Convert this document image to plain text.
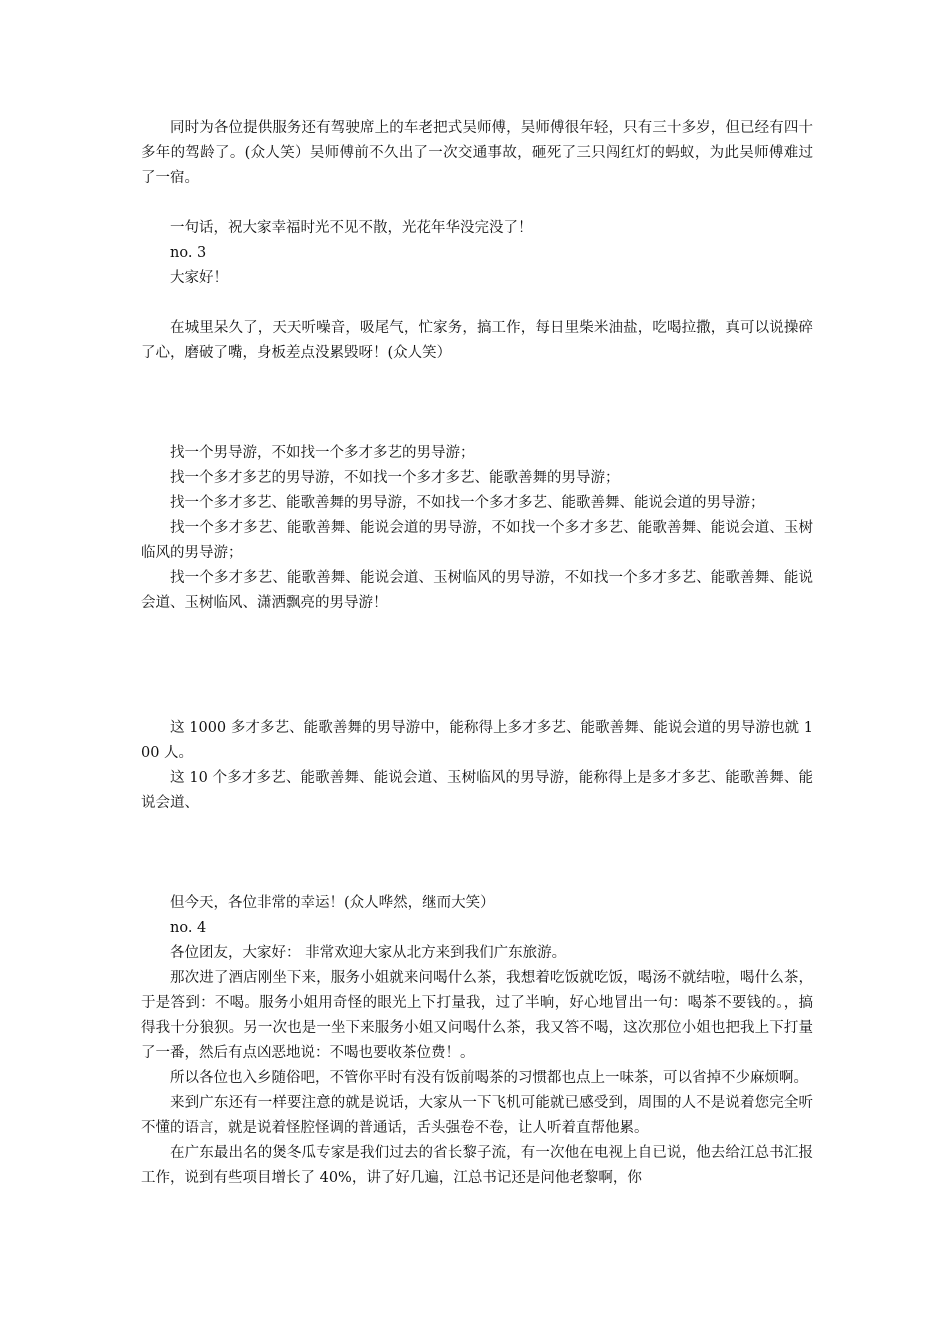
同时为各位提供服务还有驾驶席上的车老把式吴师傅，吴师傅很年轻，只有三十多岁，但已经有四十多年的驾龄了。(众人笑）吴师傅前不久出了一次交通事故，砸死了三只闯红灯的蚂蚁，为此吴师傅难过了一宿。

一句话，祝大家幸福时光不见不散，光花年华没完没了！

no. 3

大家好！

在城里呆久了，天天听噪音，吸尾气，忙家务，搞工作，每日里柴米油盐，吃喝拉撒，真可以说操碎了心，磨破了嘴，身板差点没累毁呀！(众人笑）

找一个男导游，不如找一个多才多艺的男导游；

找一个多才多艺的男导游，不如找一个多才多艺、能歌善舞的男导游；

找一个多才多艺、能歌善舞的男导游，不如找一个多才多艺、能歌善舞、能说会道的男导游；

找一个多才多艺、能歌善舞、能说会道的男导游，不如找一个多才多艺、能歌善舞、能说会道、玉树临风的男导游；

找一个多才多艺、能歌善舞、能说会道、玉树临风的男导游，不如找一个多才多艺、能歌善舞、能说会道、玉树临风、潇洒飘亮的男导游！

这 1000 多才多艺、能歌善舞的男导游中，能称得上多才多艺、能歌善舞、能说会道的男导游也就 100 人。

这 10 个多才多艺、能歌善舞、能说会道、玉树临风的男导游，能称得上是多才多艺、能歌善舞、能说会道、

但今天，各位非常的幸运！(众人哗然，继而大笑）

no. 4

各位团友，大家好： 非常欢迎大家从北方来到我们广东旅游。

那次进了酒店刚坐下来，服务小姐就来问喝什么茶，我想着吃饭就吃饭，喝汤不就结啦，喝什么茶，于是答到：不喝。服务小姐用奇怪的眼光上下打量我，过了半晌，好心地冒出一句：喝茶不要钱的。，搞得我十分狼狈。另一次也是一坐下来服务小姐又问喝什么茶，我又答不喝，这次那位小姐也把我上下打量了一番，然后有点凶恶地说：不喝也要收茶位费！。

所以各位也入乡随俗吧，不管你平时有没有饭前喝茶的习惯都也点上一味茶，可以省掉不少麻烦啊。

来到广东还有一样要注意的就是说话，大家从一下飞机可能就已感受到，周围的人不是说着您完全听不懂的语言，就是说着怪腔怪调的普通话，舌头强卷不卷，让人听着直帮他累。

在广东最出名的煲冬瓜专家是我们过去的省长黎子流，有一次他在电视上自已说，他去给江总书汇报工作，说到有些项目增长了 40%，讲了好几遍，江总书记还是问他老黎啊，你
